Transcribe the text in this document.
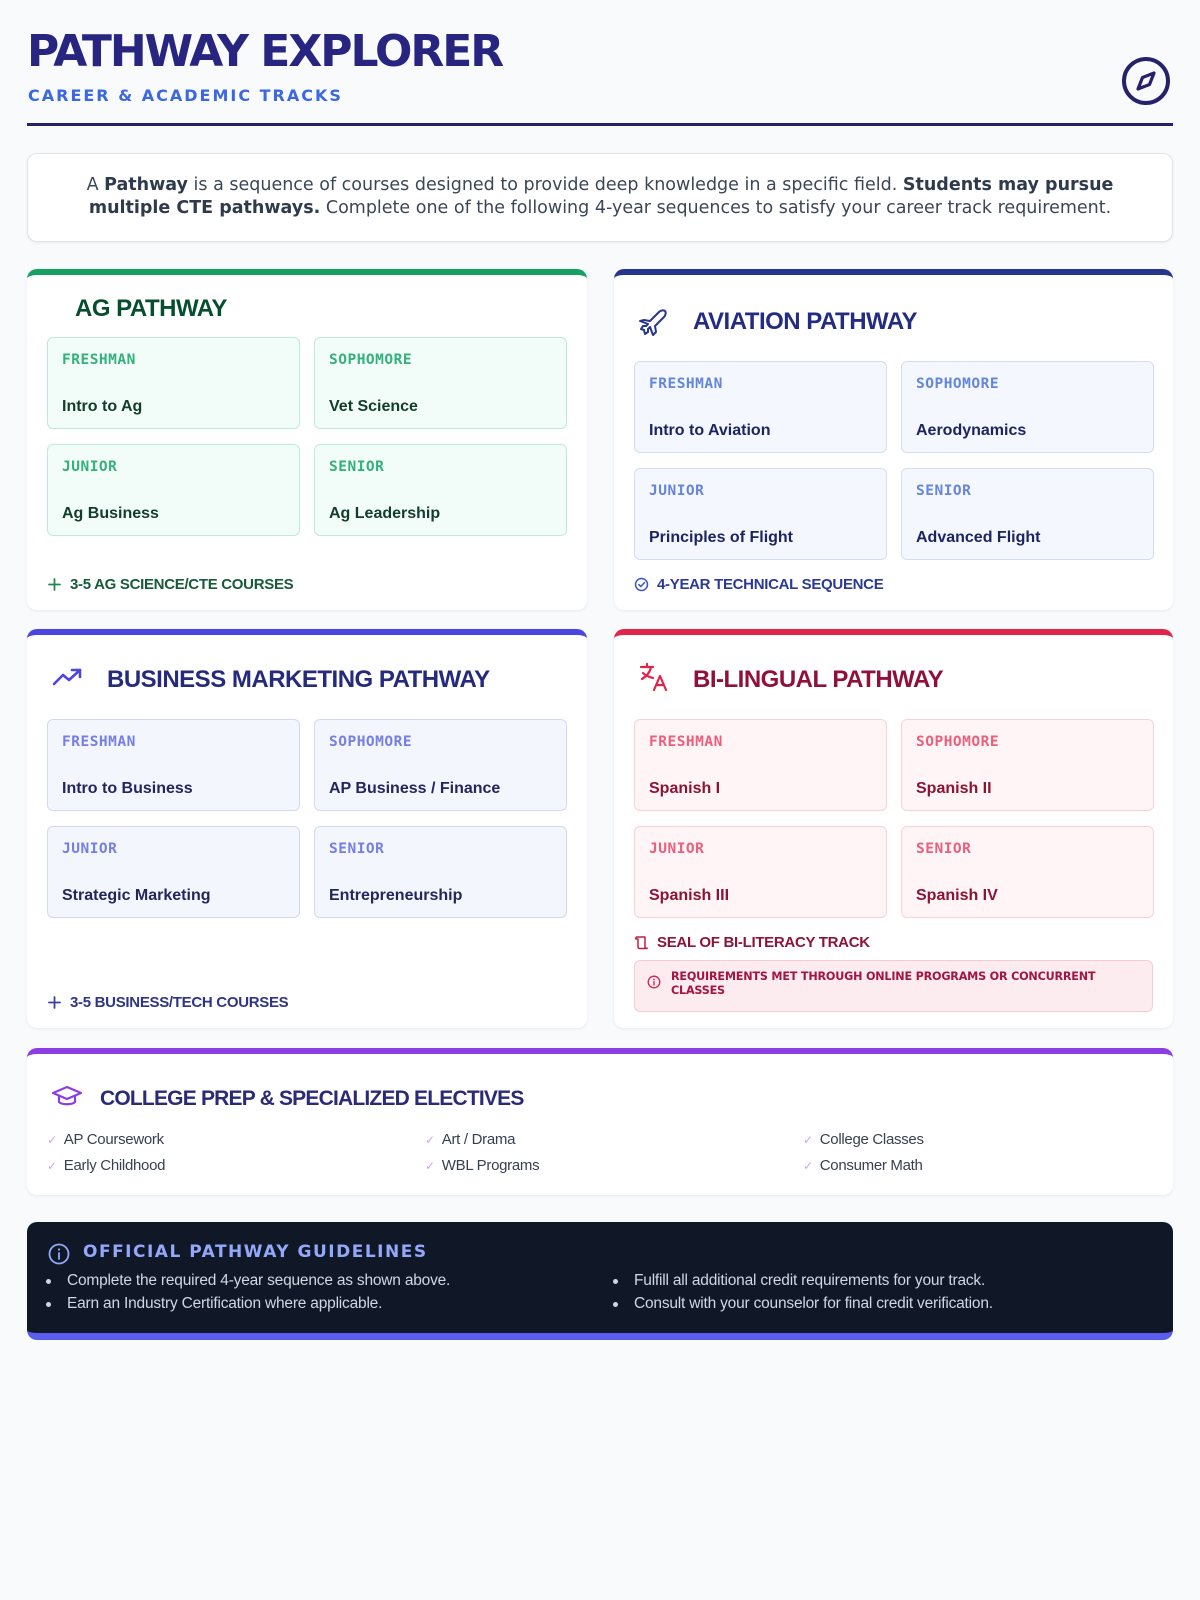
PATHWAY EXPLORER
CAREER & ACADEMIC TRACKS
A Pathway is a sequence of courses designed to provide deep knowledge in a specific field. Students may pursue multiple CTE pathways. Complete one of the following 4-year sequences to satisfy your career track requirement.
AG PATHWAY
FRESHMAN
Intro to Ag
SOPHOMORE
Vet Science
JUNIOR
Ag Business
SENIOR
Ag Leadership
3-5 AG SCIENCE/CTE COURSES
AVIATION PATHWAY
FRESHMAN
Intro to Aviation
SOPHOMORE
Aerodynamics
JUNIOR
Principles of Flight
SENIOR
Advanced Flight
4-YEAR TECHNICAL SEQUENCE
BUSINESS MARKETING PATHWAY
FRESHMAN
Intro to Business
SOPHOMORE
AP Business / Finance
JUNIOR
Strategic Marketing
SENIOR
Entrepreneurship
3-5 BUSINESS/TECH COURSES
BI-LINGUAL PATHWAY
FRESHMAN
Spanish I
SOPHOMORE
Spanish II
JUNIOR
Spanish III
SENIOR
Spanish IV
SEAL OF BI-LITERACY TRACK
REQUIREMENTS MET THROUGH ONLINE PROGRAMS OR CONCURRENT CLASSES
COLLEGE PREP & SPECIALIZED ELECTIVES
✓ AP Coursework	✓ Art / Drama	✓ College Classes
✓ Early Childhood	✓ WBL Programs	✓ Consumer Math
OFFICIAL PATHWAY GUIDELINES
Complete the required 4-year sequence as shown above.	Fulfill all additional credit requirements for your track.
Earn an Industry Certification where applicable.	Consult with your counselor for final credit verification.
